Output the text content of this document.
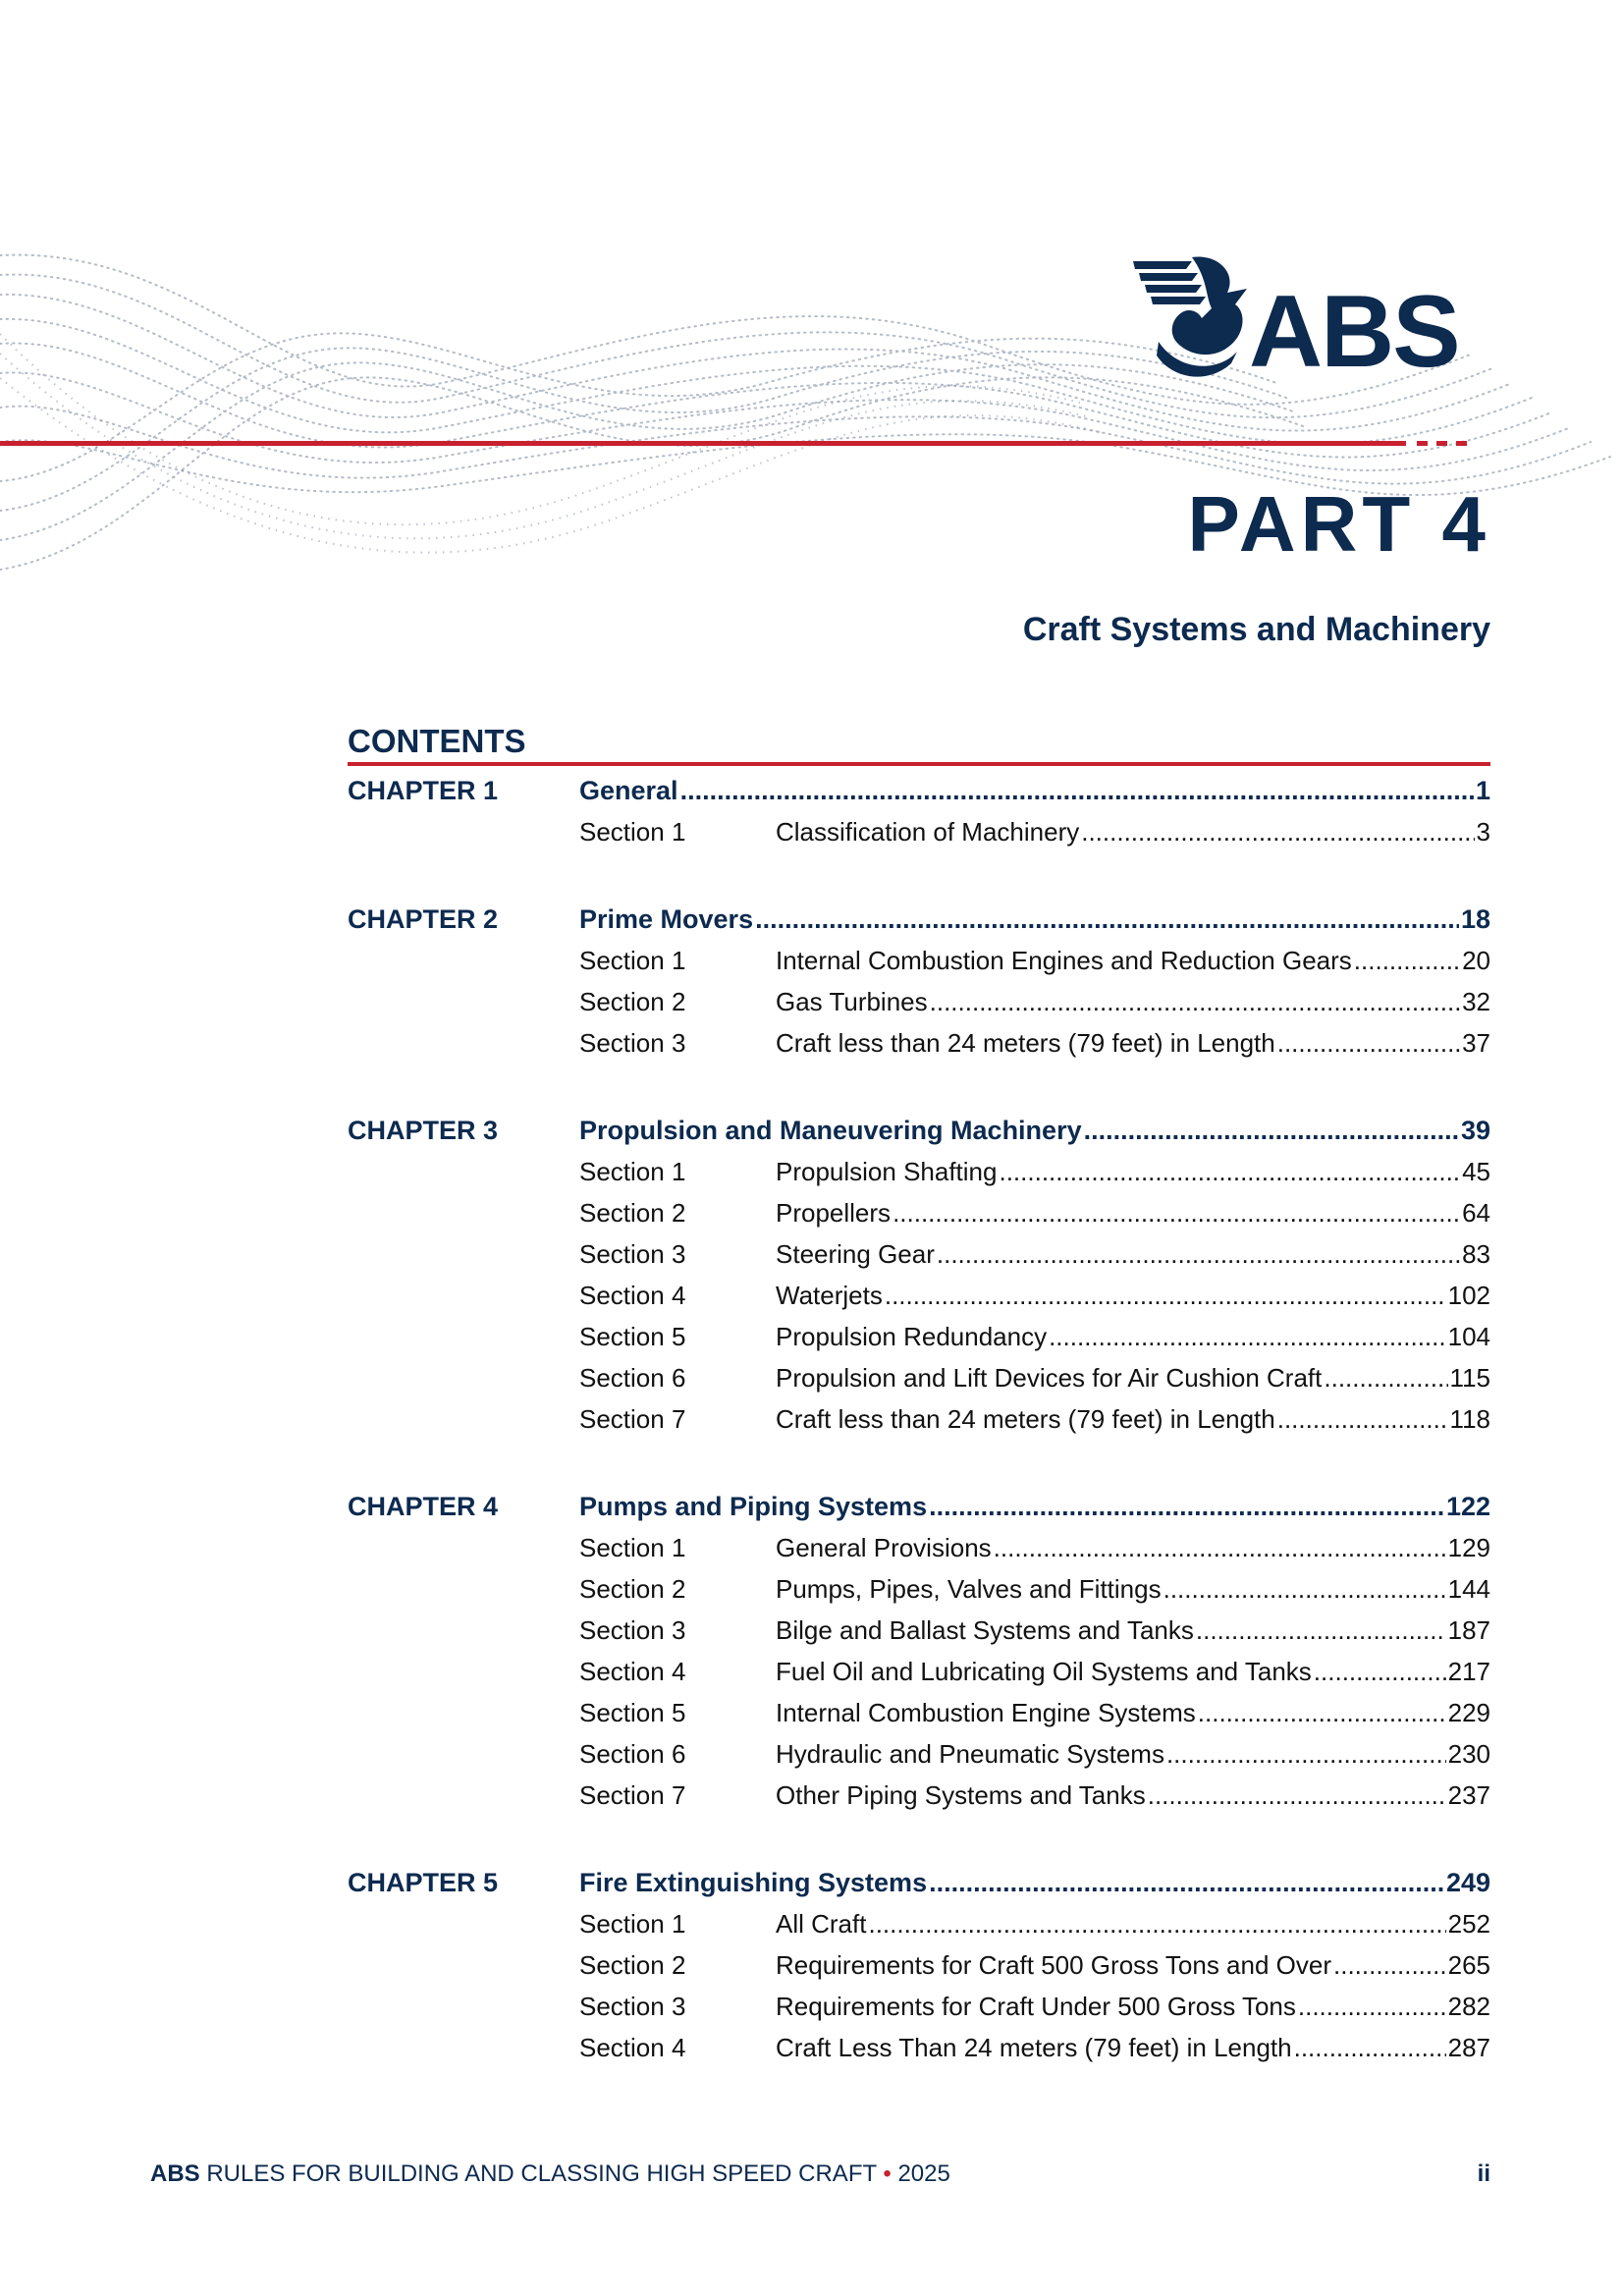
ABS
PART 4
Craft Systems and Machinery
CONTENTS
CHAPTER 1	General .....	1
Section 1	Classification of Machinery .....	3
CHAPTER 2	Prime Movers .....	18
Section 1	Internal Combustion Engines and Reduction Gears .....	20
Section 2	Gas Turbines .....	32
Section 3	Craft less than 24 meters (79 feet) in Length .....	37
CHAPTER 3	Propulsion and Maneuvering Machinery .....	39
Section 1	Propulsion Shafting .....	45
Section 2	Propellers .....	64
Section 3	Steering Gear .....	83
Section 4	Waterjets .....	102
Section 5	Propulsion Redundancy .....	104
Section 6	Propulsion and Lift Devices for Air Cushion Craft .....	115
Section 7	Craft less than 24 meters (79 feet) in Length .....	118
CHAPTER 4	Pumps and Piping Systems .....	122
Section 1	General Provisions .....	129
Section 2	Pumps, Pipes, Valves and Fittings .....	144
Section 3	Bilge and Ballast Systems and Tanks .....	187
Section 4	Fuel Oil and Lubricating Oil Systems and Tanks .....	217
Section 5	Internal Combustion Engine Systems .....	229
Section 6	Hydraulic and Pneumatic Systems .....	230
Section 7	Other Piping Systems and Tanks .....	237
CHAPTER 5	Fire Extinguishing Systems .....	249
Section 1	All Craft .....	252
Section 2	Requirements for Craft 500 Gross Tons and Over .....	265
Section 3	Requirements for Craft Under 500 Gross Tons .....	282
Section 4	Craft Less Than 24 meters (79 feet) in Length .....	287
ABS RULES FOR BUILDING AND CLASSING HIGH SPEED CRAFT • 2025	ii
